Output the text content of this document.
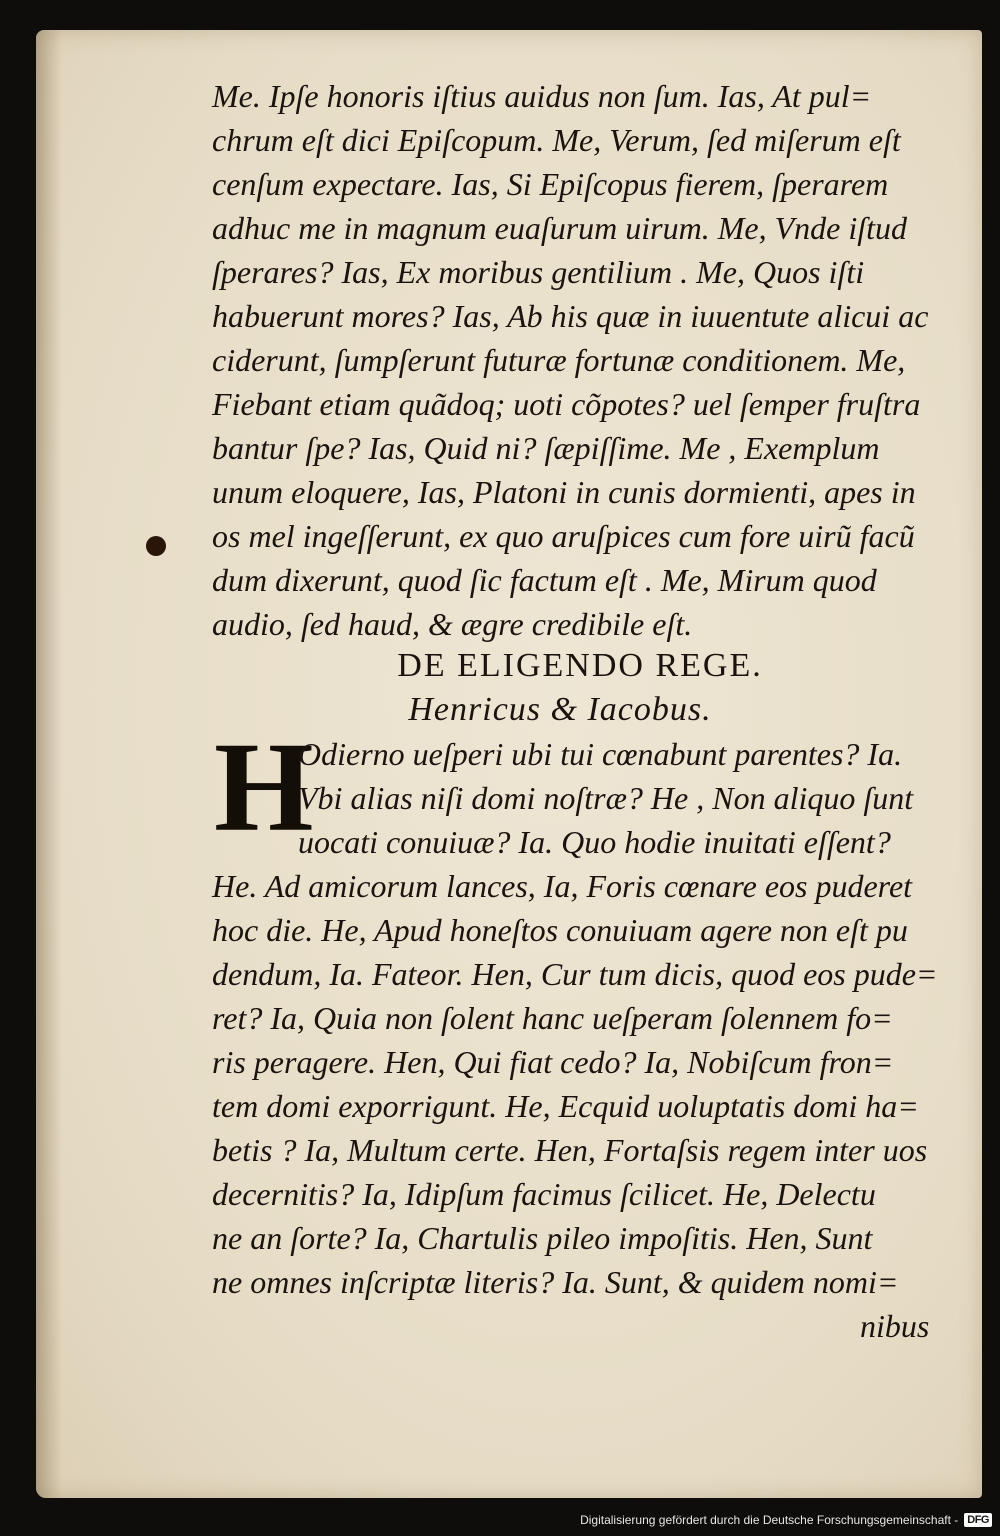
Me. Ipſe honoris iſtius auidus non ſum. Ias, At pul=
chrum eſt dici Epiſcopum. Me, Verum, ſed miſerum eſt
cenſum expectare. Ias, Si Epiſcopus fierem, ſperarem
adhuc me in magnum euaſurum uirum. Me, Vnde iſtud
ſperares? Ias, Ex moribus gentilium . Me, Quos iſti
habuerunt mores? Ias, Ab his quæ in iuuentute alicui ac
ciderunt, ſumpſerunt futuræ fortunæ conditionem. Me,
Fiebant etiam quãdoq; uoti cõpotes? uel ſemper fruſtra
bantur ſpe? Ias, Quid ni? ſæpiſſime. Me , Exemplum
unum eloquere, Ias, Platoni in cunis dormienti, apes in
os mel ingeſſerunt, ex quo aruſpices cum fore uirũ facũ
dum dixerunt, quod ſic factum eſt . Me, Mirum quod
audio, ſed haud, & ægre credibile eſt.
DE ELIGENDO REGE.
Henricus & Iacobus.
H
Odierno ueſperi ubi tui cœnabunt parentes? Ia.
Vbi alias niſi domi noſtræ? He , Non aliquo ſunt
uocati conuiuæ? Ia. Quo hodie inuitati eſſent?
He. Ad amicorum lances, Ia, Foris cœnare eos puderet
hoc die. He, Apud honeſtos conuiuam agere non eſt pu
dendum, Ia. Fateor. Hen, Cur tum dicis, quod eos pude=
ret? Ia, Quia non ſolent hanc ueſperam ſolennem fo=
ris peragere. Hen, Qui fiat cedo? Ia, Nobiſcum fron=
tem domi exporrigunt. He, Ecquid uoluptatis domi ha=
betis ? Ia, Multum certe. Hen, Fortaſsis regem inter uos
decernitis? Ia, Idipſum facimus ſcilicet. He, Delectu
ne an ſorte? Ia, Chartulis pileo impoſitis. Hen, Sunt
ne omnes inſcriptæ literis? Ia. Sunt, & quidem nomi=
nibus
Digitalisierung gefördert durch die Deutsche Forschungsgemeinschaft - DFG
